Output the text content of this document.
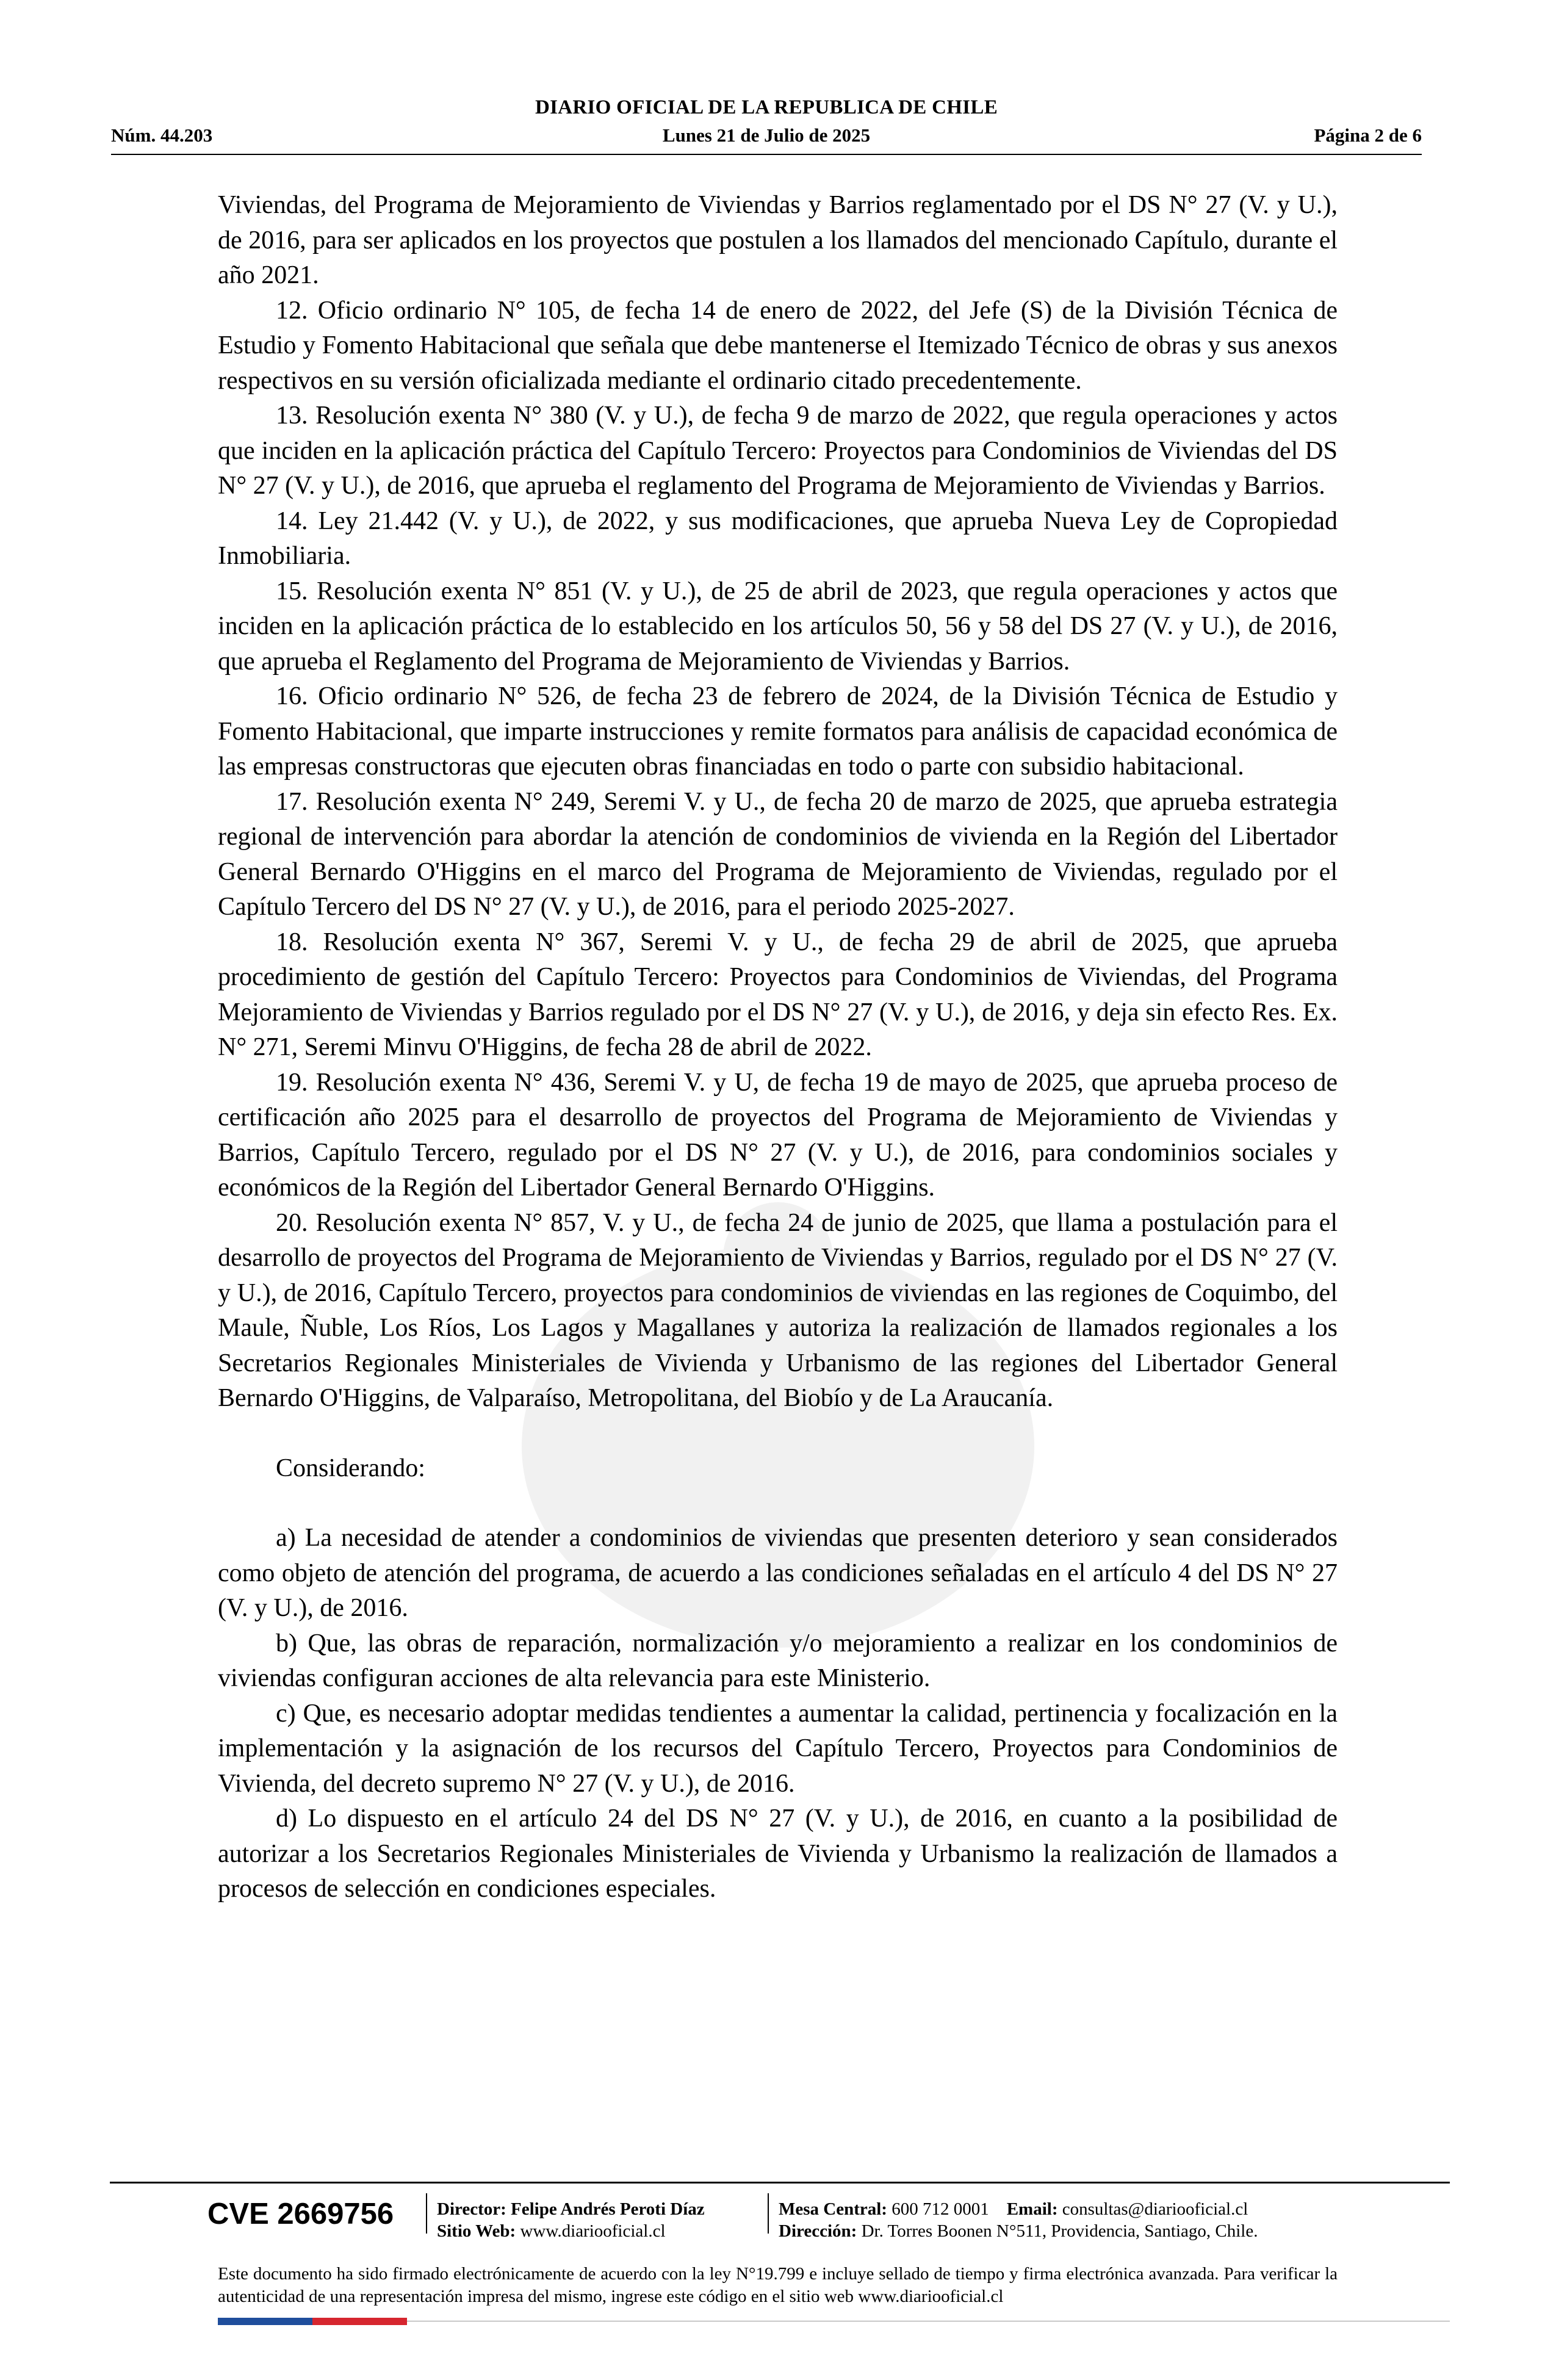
DIARIO OFICIAL DE LA REPUBLICA DE CHILE
Núm. 44.203	Lunes 21 de Julio de 2025	Página 2 de 6

Viviendas, del Programa de Mejoramiento de Viviendas y Barrios reglamentado por el DS N° 27 (V. y U.), de 2016, para ser aplicados en los proyectos que postulen a los llamados del mencionado Capítulo, durante el año 2021.

12. Oficio ordinario N° 105, de fecha 14 de enero de 2022, del Jefe (S) de la División Técnica de Estudio y Fomento Habitacional que señala que debe mantenerse el Itemizado Técnico de obras y sus anexos respectivos en su versión oficializada mediante el ordinario citado precedentemente.

13. Resolución exenta N° 380 (V. y U.), de fecha 9 de marzo de 2022, que regula operaciones y actos que inciden en la aplicación práctica del Capítulo Tercero: Proyectos para Condominios de Viviendas del DS N° 27 (V. y U.), de 2016, que aprueba el reglamento del Programa de Mejoramiento de Viviendas y Barrios.

14. Ley 21.442 (V. y U.), de 2022, y sus modificaciones, que aprueba Nueva Ley de Copropiedad Inmobiliaria.

15. Resolución exenta N° 851 (V. y U.), de 25 de abril de 2023, que regula operaciones y actos que inciden en la aplicación práctica de lo establecido en los artículos 50, 56 y 58 del DS 27 (V. y U.), de 2016, que aprueba el Reglamento del Programa de Mejoramiento de Viviendas y Barrios.

16. Oficio ordinario N° 526, de fecha 23 de febrero de 2024, de la División Técnica de Estudio y Fomento Habitacional, que imparte instrucciones y remite formatos para análisis de capacidad económica de las empresas constructoras que ejecuten obras financiadas en todo o parte con subsidio habitacional.

17. Resolución exenta N° 249, Seremi V. y U., de fecha 20 de marzo de 2025, que aprueba estrategia regional de intervención para abordar la atención de condominios de vivienda en la Región del Libertador General Bernardo O'Higgins en el marco del Programa de Mejoramiento de Viviendas, regulado por el Capítulo Tercero del DS N° 27 (V. y U.), de 2016, para el periodo 2025-2027.

18. Resolución exenta N° 367, Seremi V. y U., de fecha 29 de abril de 2025, que aprueba procedimiento de gestión del Capítulo Tercero: Proyectos para Condominios de Viviendas, del Programa Mejoramiento de Viviendas y Barrios regulado por el DS N° 27 (V. y U.), de 2016, y deja sin efecto Res. Ex. N° 271, Seremi Minvu O'Higgins, de fecha 28 de abril de 2022.

19. Resolución exenta N° 436, Seremi V. y U, de fecha 19 de mayo de 2025, que aprueba proceso de certificación año 2025 para el desarrollo de proyectos del Programa de Mejoramiento de Viviendas y Barrios, Capítulo Tercero, regulado por el DS N° 27 (V. y U.), de 2016, para condominios sociales y económicos de la Región del Libertador General Bernardo O'Higgins.

20. Resolución exenta N° 857, V. y U., de fecha 24 de junio de 2025, que llama a postulación para el desarrollo de proyectos del Programa de Mejoramiento de Viviendas y Barrios, regulado por el DS N° 27 (V. y U.), de 2016, Capítulo Tercero, proyectos para condominios de viviendas en las regiones de Coquimbo, del Maule, Ñuble, Los Ríos, Los Lagos y Magallanes y autoriza la realización de llamados regionales a los Secretarios Regionales Ministeriales de Vivienda y Urbanismo de las regiones del Libertador General Bernardo O'Higgins, de Valparaíso, Metropolitana, del Biobío y de La Araucanía.

Considerando:

a) La necesidad de atender a condominios de viviendas que presenten deterioro y sean considerados como objeto de atención del programa, de acuerdo a las condiciones señaladas en el artículo 4 del DS N° 27 (V. y U.), de 2016.

b) Que, las obras de reparación, normalización y/o mejoramiento a realizar en los condominios de viviendas configuran acciones de alta relevancia para este Ministerio.

c) Que, es necesario adoptar medidas tendientes a aumentar la calidad, pertinencia y focalización en la implementación y la asignación de los recursos del Capítulo Tercero, Proyectos para Condominios de Vivienda, del decreto supremo N° 27 (V. y U.), de 2016.

d) Lo dispuesto en el artículo 24 del DS N° 27 (V. y U.), de 2016, en cuanto a la posibilidad de autorizar a los Secretarios Regionales Ministeriales de Vivienda y Urbanismo la realización de llamados a procesos de selección en condiciones especiales.

CVE 2669756 Director: Felipe Andrés Peroti Díaz
Sitio Web: www.diariooficial.cl
Mesa Central: 600 712 0001 Email: consultas@diariooficial.cl
Dirección: Dr. Torres Boonen N°511, Providencia, Santiago, Chile.
Este documento ha sido firmado electrónicamente de acuerdo con la ley N°19.799 e incluye sellado de tiempo y firma electrónica avanzada. Para verificar la autenticidad de una representación impresa del mismo, ingrese este código en el sitio web www.diariooficial.cl
